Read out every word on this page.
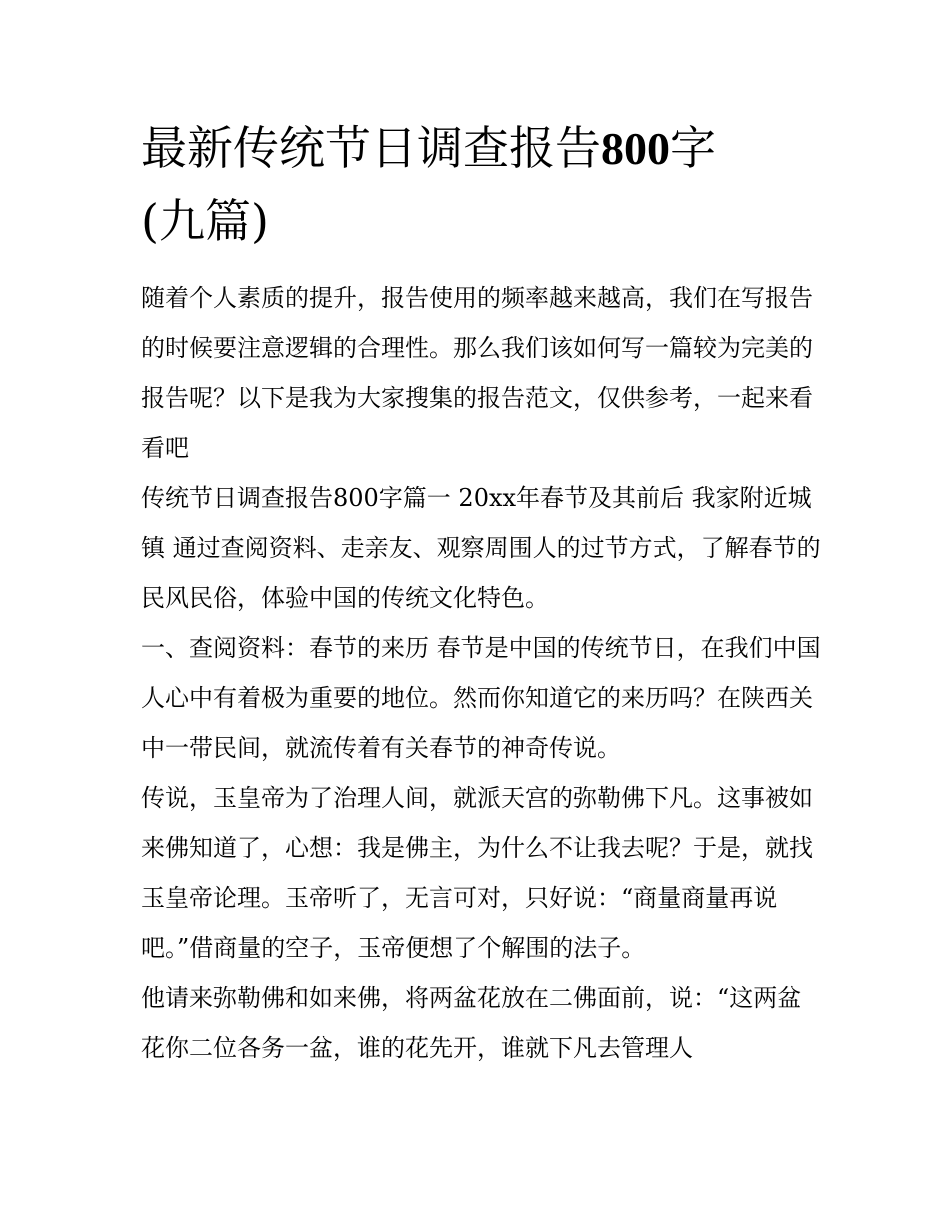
最新传统节日调查报告800字
(九篇)

随着个人素质的提升，报告使用的频率越来越高，我们在写报告的时候要注意逻辑的合理性。那么我们该如何写一篇较为完美的报告呢？以下是我为大家搜集的报告范文，仅供参考，一起来看看吧

传统节日调查报告800字篇一 20xx年春节及其前后 我家附近城镇 通过查阅资料、走亲友、观察周围人的过节方式，了解春节的民风民俗，体验中国的传统文化特色。

一、查阅资料：春节的来历 春节是中国的传统节日，在我们中国人心中有着极为重要的地位。然而你知道它的来历吗？在陕西关中一带民间，就流传着有关春节的神奇传说。

传说，玉皇帝为了治理人间，就派天宫的弥勒佛下凡。这事被如来佛知道了，心想：我是佛主，为什么不让我去呢？于是，就找玉皇帝论理。玉帝听了，无言可对，只好说：“商量商量再说吧。”借商量的空子，玉帝便想了个解围的法子。

他请来弥勒佛和如来佛，将两盆花放在二佛面前，说：“这两盆花你二位各务一盆，谁的花先开，谁就下凡去管理人
